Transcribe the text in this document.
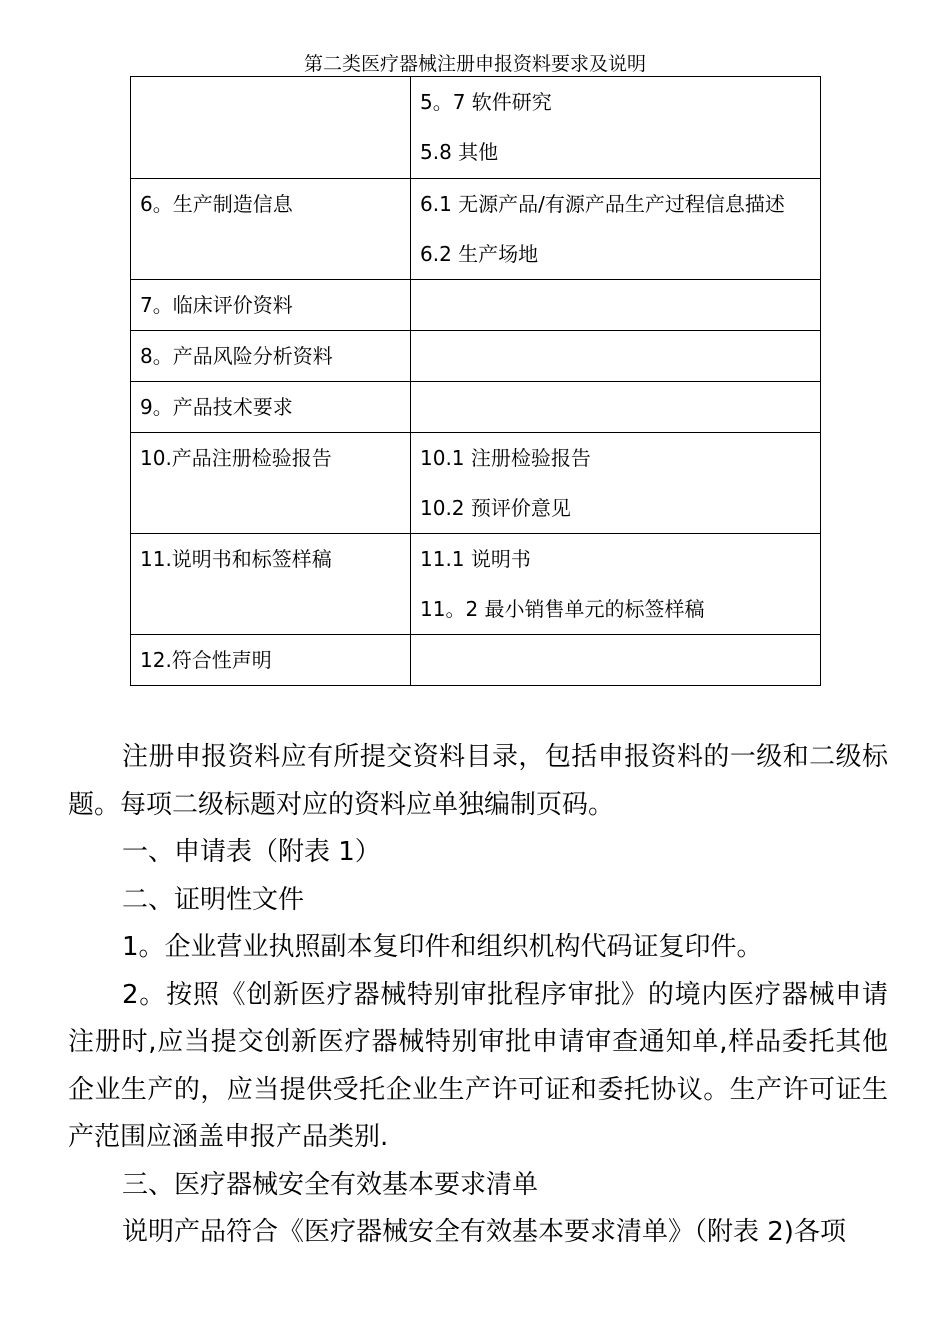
第二类医疗器械注册申报资料要求及说明

	5。7 软件研究
5.8 其他

6。生产制造信息	6.1 无源产品/有源产品生产过程信息描述
6.2 生产场地

7。临床评价资料	

8。产品风险分析资料	

9。产品技术要求	

10.产品注册检验报告	10.1 注册检验报告
10.2 预评价意见

11.说明书和标签样稿	11.1 说明书
11。2 最小销售单元的标签样稿

12.符合性声明	

注册申报资料应有所提交资料目录，包括申报资料的一级和二级标题。每项二级标题对应的资料应单独编制页码。

一、申请表（附表 1）

二、证明性文件

1。企业营业执照副本复印件和组织机构代码证复印件。

2。按照《创新医疗器械特别审批程序审批》的境内医疗器械申请注册时,应当提交创新医疗器械特别审批申请审查通知单,样品委托其他企业生产的，应当提供受托企业生产许可证和委托协议。生产许可证生产范围应涵盖申报产品类别.

三、医疗器械安全有效基本要求清单

说明产品符合《医疗器械安全有效基本要求清单》（附表 2)各项
